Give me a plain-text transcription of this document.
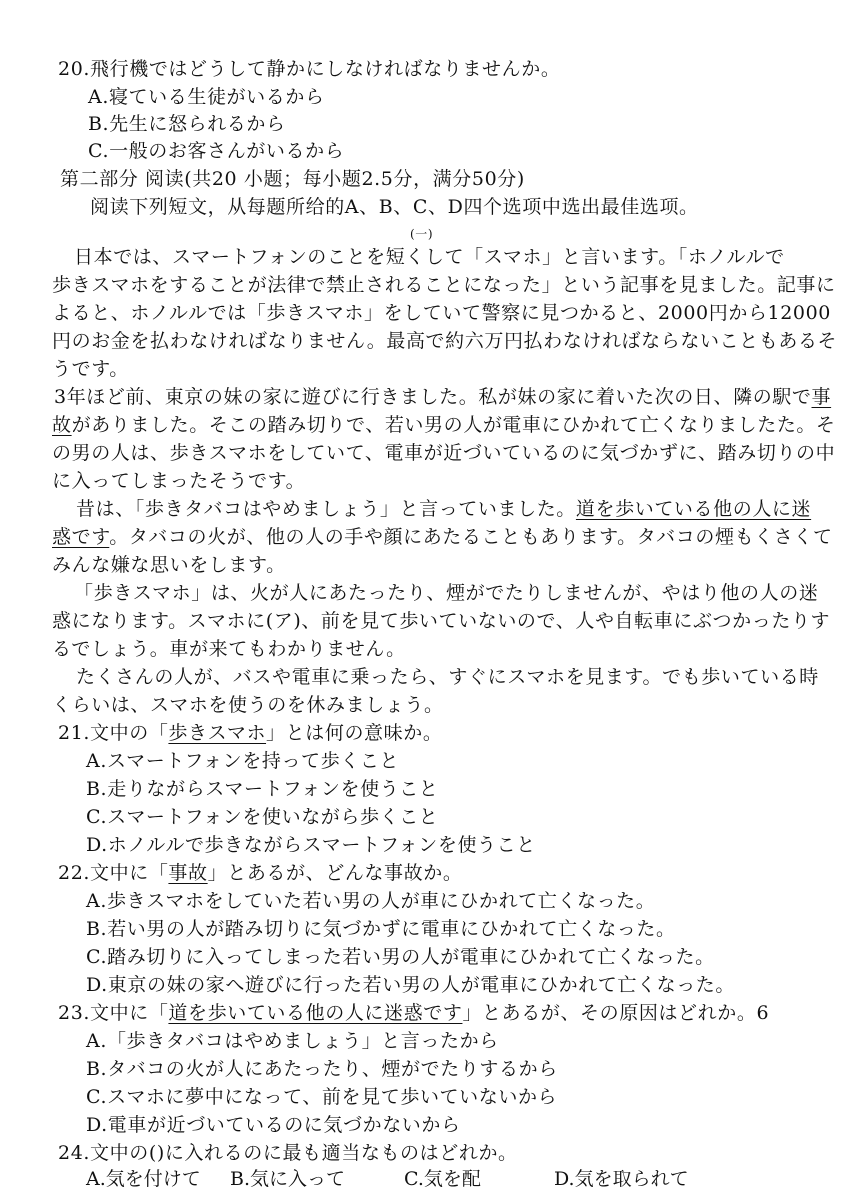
20.飛行機ではどうして静かにしなければなりませんか。
A.寝ている生徒がいるから
B.先生に怒られるから
C.一般のお客さんがいるから
第二部分 阅读(共20 小题；每小题2.5分，满分50分)
阅读下列短文，从每题所给的A、B、C、D四个选项中选出最佳选项。
(一)
日本では、スマートフォンのことを短くして「スマホ」と言います。「ホノルルで
歩きスマホをすることが法律で禁止されることになった」という記事を見ました。記事に
よると、ホノルルでは「歩きスマホ」をしていて警察に見つかると、2000円から12000
円のお金を払わなければなりません。最高で約六万円払わなければならないこともあるそ
うです。
3年ほど前、東京の妹の家に遊びに行きました。私が妹の家に着いた次の日、隣の駅で事
故がありました。そこの踏み切りで、若い男の人が電車にひかれて亡くなりましたた。そ
の男の人は、歩きスマホをしていて、電車が近づいているのに気づかずに、踏み切りの中
に入ってしまったそうです。
昔は、「歩きタバコはやめましょう」と言っていました。道を歩いている他の人に迷
惑です。タバコの火が、他の人の手や顔にあたることもあります。タバコの煙もくさくて
みんな嫌な思いをします。
「歩きスマホ」は、火が人にあたったり、煙がでたりしませんが、やはり他の人の迷
惑になります。スマホに(ア)、前を見て歩いていないので、人や自転車にぶつかったりす
るでしょう。車が来てもわかりません。
たくさんの人が、バスや電車に乗ったら、すぐにスマホを見ます。でも歩いている時
くらいは、スマホを使うのを休みましょう。
21.文中の「歩きスマホ」とは何の意味か。
A.スマートフォンを持って歩くこと
B.走りながらスマートフォンを使うこと
C.スマートフォンを使いながら歩くこと
D.ホノルルで歩きながらスマートフォンを使うこと
22.文中に「事故」とあるが、どんな事故か。
A.歩きスマホをしていた若い男の人が車にひかれて亡くなった。
B.若い男の人が踏み切りに気づかずに電車にひかれて亡くなった。
C.踏み切りに入ってしまった若い男の人が電車にひかれて亡くなった。
D.東京の妹の家へ遊びに行った若い男の人が電車にひかれて亡くなった。
23.文中に「道を歩いている他の人に迷惑です」とあるが、その原因はどれか。6
A.「歩きタバコはやめましょう」と言ったから
B.タバコの火が人にあたったり、煙がでたりするから
C.スマホに夢中になって、前を見て歩いていないから
D.電車が近づいているのに気づかないから
24.文中の()に入れるのに最も適当なものはどれか。
A.気を付けて B.気に入って	C.気を配	D.気を取られて
